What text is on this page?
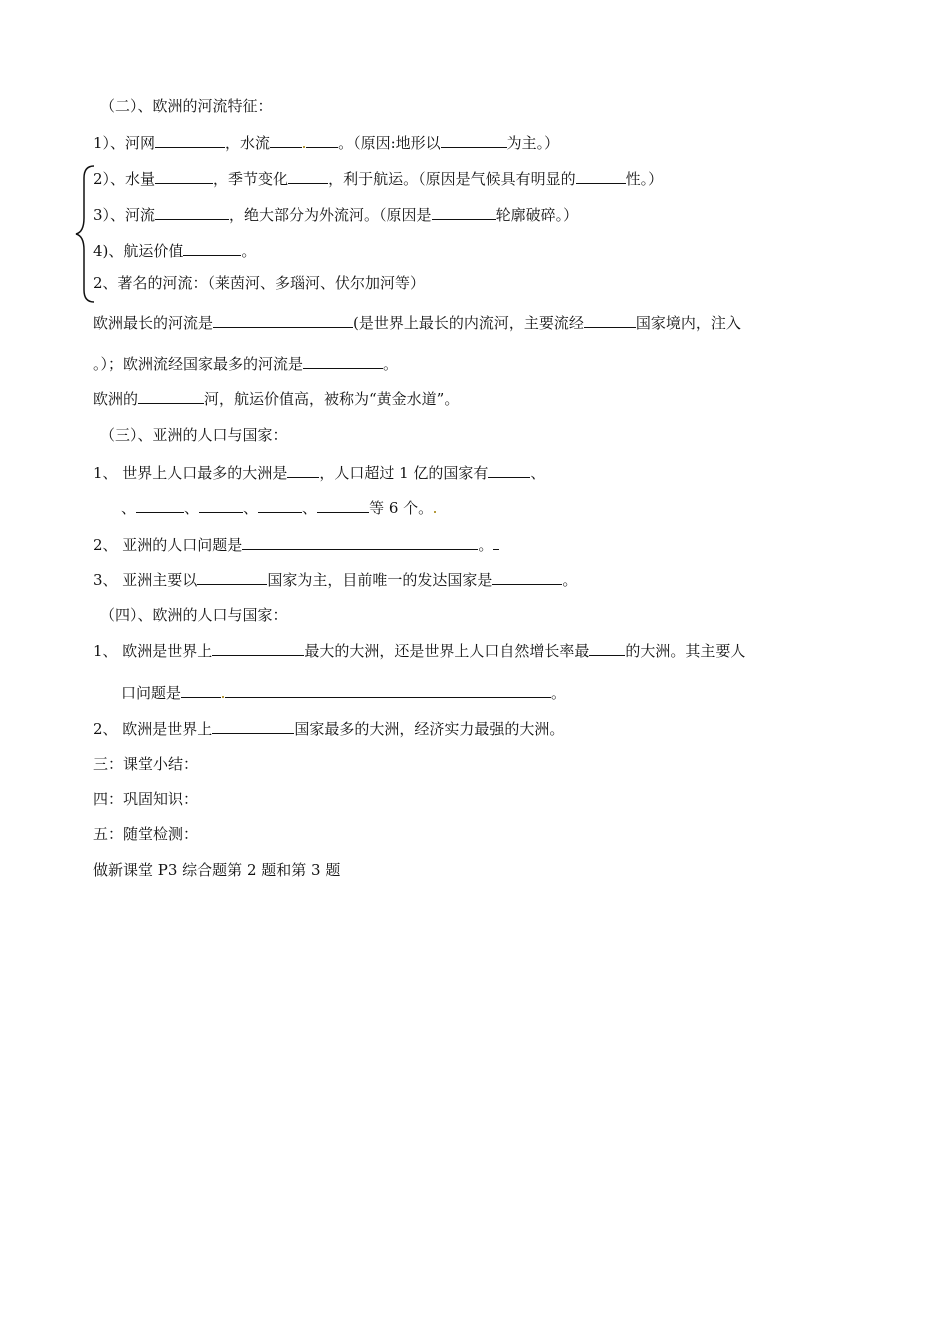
（二）、欧洲的河流特征：
1）、河网	，水流	。（原因:地形以	为主。）
2）、水量	，季节变化	，利于航运。（原因是气候具有明显的	性。）
3）、河流	，绝大部分为外流河。（原因是	轮廓破碎。）
4)、航运价值	。
2、著名的河流：（莱茵河、多瑙河、伏尔加河等）
欧洲最长的河流是	(是世界上最长的内流河，主要流经	国家境内，注入
。）；欧洲流经国家最多的河流是	。
欧洲的	河，航运价值高，被称为“黄金水道”。
（三）、亚洲的人口与国家：
1、 世界上人口最多的大洲是 ，人口超过 1 亿的国家有	、
、	、	、	、	等 6 个。
2、 亚洲的人口问题是	。
3、 亚洲主要以	国家为主，目前唯一的发达国家是	。
（四）、欧洲的人口与国家：
1、 欧洲是世界上	最大的大洲，还是世界上人口自然增长率最 的大洲。其主要人
口问题是	。
2、 欧洲是世界上	国家最多的大洲，经济实力最强的大洲。
三：课堂小结：
四：巩固知识：
五：随堂检测：
做新课堂 P3 综合题第 2 题和第 3 题
